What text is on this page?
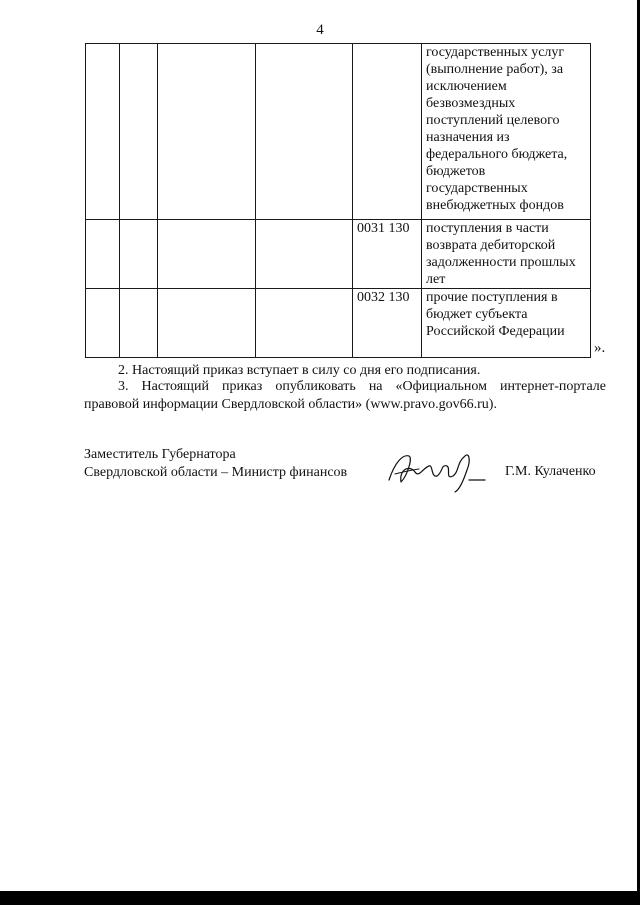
4
					государственных услуг (выполнение работ), за исключением безвозмездных поступлений целевого назначения из федерального бюджета, бюджетов государственных внебюджетных фондов
				0031 130	поступления в части возврата дебиторской задолженности прошлых лет
				0032 130	прочие поступления в бюджет субъекта Российской Федерации
».

2. Настоящий приказ вступает в силу со дня его подписания.

3. Настоящий приказ опубликовать на «Официальном интернет-портале правовой информации Свердловской области» (www.pravo.gov66.ru).

Заместитель Губернатора
Свердловской области – Министр финансов	Г.М. Кулаченко
